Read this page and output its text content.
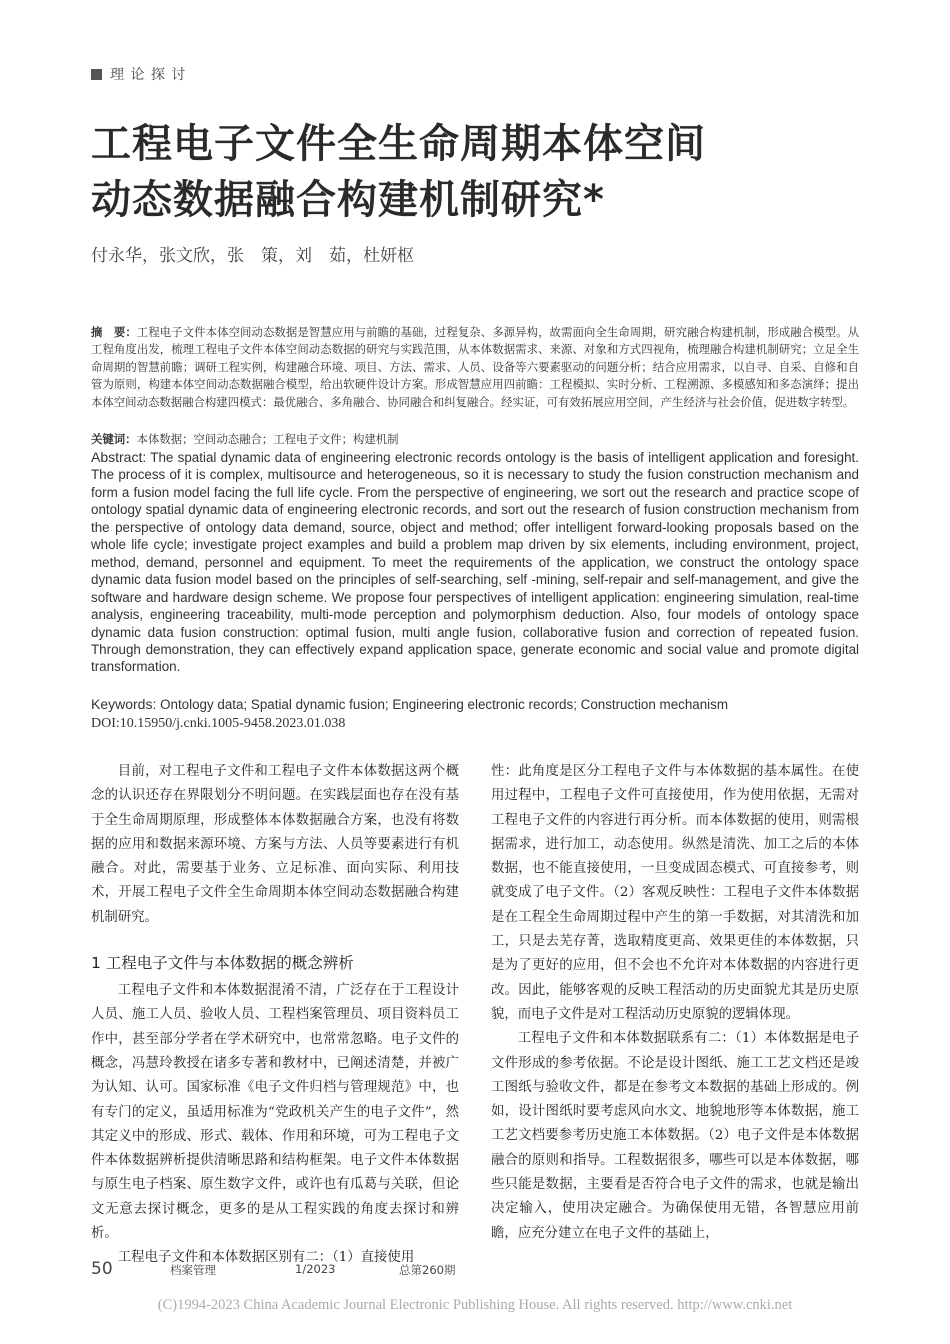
理 论 探 讨
工程电子文件全生命周期本体空间
动态数据融合构建机制研究*
付永华，张文欣，张　策，刘　茹，杜妍枢

摘　要：工程电子文件本体空间动态数据是智慧应用与前瞻的基础，过程复杂、多源异构，故需面向全生命周期，研究融合构建机制，形成融合模型。从工程角度出发，梳理工程电子文件本体空间动态数据的研究与实践范围，从本体数据需求、来源、对象和方式四视角，梳理融合构建机制研究；立足全生命周期的智慧前瞻；调研工程实例，构建融合环境、项目、方法、需求、人员、设备等六要素驱动的问题分析；结合应用需求，以自寻、自采、自修和自管为原则，构建本体空间动态数据融合模型，给出软硬件设计方案。形成智慧应用四前瞻：工程模拟、实时分析、工程溯源、多模感知和多态演绎；提出本体空间动态数据融合构建四模式：最优融合、多角融合、协同融合和纠复融合。经实证，可有效拓展应用空间，产生经济与社会价值，促进数字转型。

关键词：本体数据；空间动态融合；工程电子文件；构建机制

Abstract: The spatial dynamic data of engineering electronic records ontology is the basis of intelligent application and foresight. The process of it is complex, multisource and heterogeneous, so it is necessary to study the fusion construction mechanism and form a fusion model facing the full life cycle. From the perspective of engineering, we sort out the research and practice scope of ontology spatial dynamic data of engineering electronic records, and sort out the research of fusion construction mechanism from the perspective of ontology data demand, source, object and method; offer intelligent forward-looking proposals based on the whole life cycle; investigate project examples and build a problem map driven by six elements, including environment, project, method, demand, personnel and equipment. To meet the requirements of the application, we construct the ontology space dynamic data fusion model based on the principles of self-searching, self -mining, self-repair and self-management, and give the software and hardware design scheme. We propose four perspectives of intelligent application: engineering simulation, real-time analysis, engineering traceability, multi-mode perception and polymorphism deduction. Also, four models of ontology space dynamic data fusion construction: optimal fusion, multi angle fusion, collaborative fusion and correction of repeated fusion. Through demonstration, they can effectively expand application space, generate economic and social value and promote digital transformation.

Keywords: Ontology data; Spatial dynamic fusion; Engineering electronic records; Construction mechanism

DOI:10.15950/j.cnki.1005-9458.2023.01.038

目前，对工程电子文件和工程电子文件本体数据这两个概念的认识还存在界限划分不明问题。在实践层面也存在没有基于全生命周期原理，形成整体本体数据融合方案，也没有将数据的应用和数据来源环境、方案与方法、人员等要素进行有机融合。对此，需要基于业务、立足标准、面向实际、利用技术，开展工程电子文件全生命周期本体空间动态数据融合构建机制研究。

1 工程电子文件与本体数据的概念辨析

工程电子文件和本体数据混淆不清，广泛存在于工程设计人员、施工人员、验收人员、工程档案管理员、项目资料员工作中，甚至部分学者在学术研究中，也常常忽略。电子文件的概念，冯慧玲教授在诸多专著和教材中，已阐述清楚，并被广为认知、认可。国家标准《电子文件归档与管理规范》中，也有专门的定义，虽适用标准为“党政机关产生的电子文件”，然其定义中的形成、形式、载体、作用和环境，可为工程电子文件本体数据辨析提供清晰思路和结构框架。电子文件本体数据与原生电子档案、原生数字文件，或许也有瓜葛与关联，但论文无意去探讨概念，更多的是从工程实践的角度去探讨和辨析。

工程电子文件和本体数据区别有二：（1）直接使用

性：此角度是区分工程电子文件与本体数据的基本属性。在使用过程中，工程电子文件可直接使用，作为使用依据，无需对工程电子文件的内容进行再分析。而本体数据的使用，则需根据需求，进行加工，动态使用。纵然是清洗、加工之后的本体数据，也不能直接使用，一旦变成固态模式、可直接参考，则就变成了电子文件。（2）客观反映性：工程电子文件本体数据是在工程全生命周期过程中产生的第一手数据，对其清洗和加工，只是去芜存菁，选取精度更高、效果更佳的本体数据，只是为了更好的应用，但不会也不允许对本体数据的内容进行更改。因此，能够客观的反映工程活动的历史面貌尤其是历史原貌，而电子文件是对工程活动历史原貌的逻辑体现。

工程电子文件和本体数据联系有二：（1）本体数据是电子文件形成的参考依据。不论是设计图纸、施工工艺文档还是竣工图纸与验收文件，都是在参考文本数据的基础上形成的。例如，设计图纸时要考虑风向水文、地貌地形等本体数据，施工工艺文档要参考历史施工本体数据。（2）电子文件是本体数据融合的原则和指导。工程数据很多，哪些可以是本体数据，哪些只能是数据，主要看是否符合电子文件的需求，也就是输出决定输入，使用决定融合。为确保使用无错，各智慧应用前瞻，应充分建立在电子文件的基础上，

50	档案管理	1/2023	总第260期
(C)1994-2023 China Academic Journal Electronic Publishing House. All rights reserved. http://www.cnki.net
